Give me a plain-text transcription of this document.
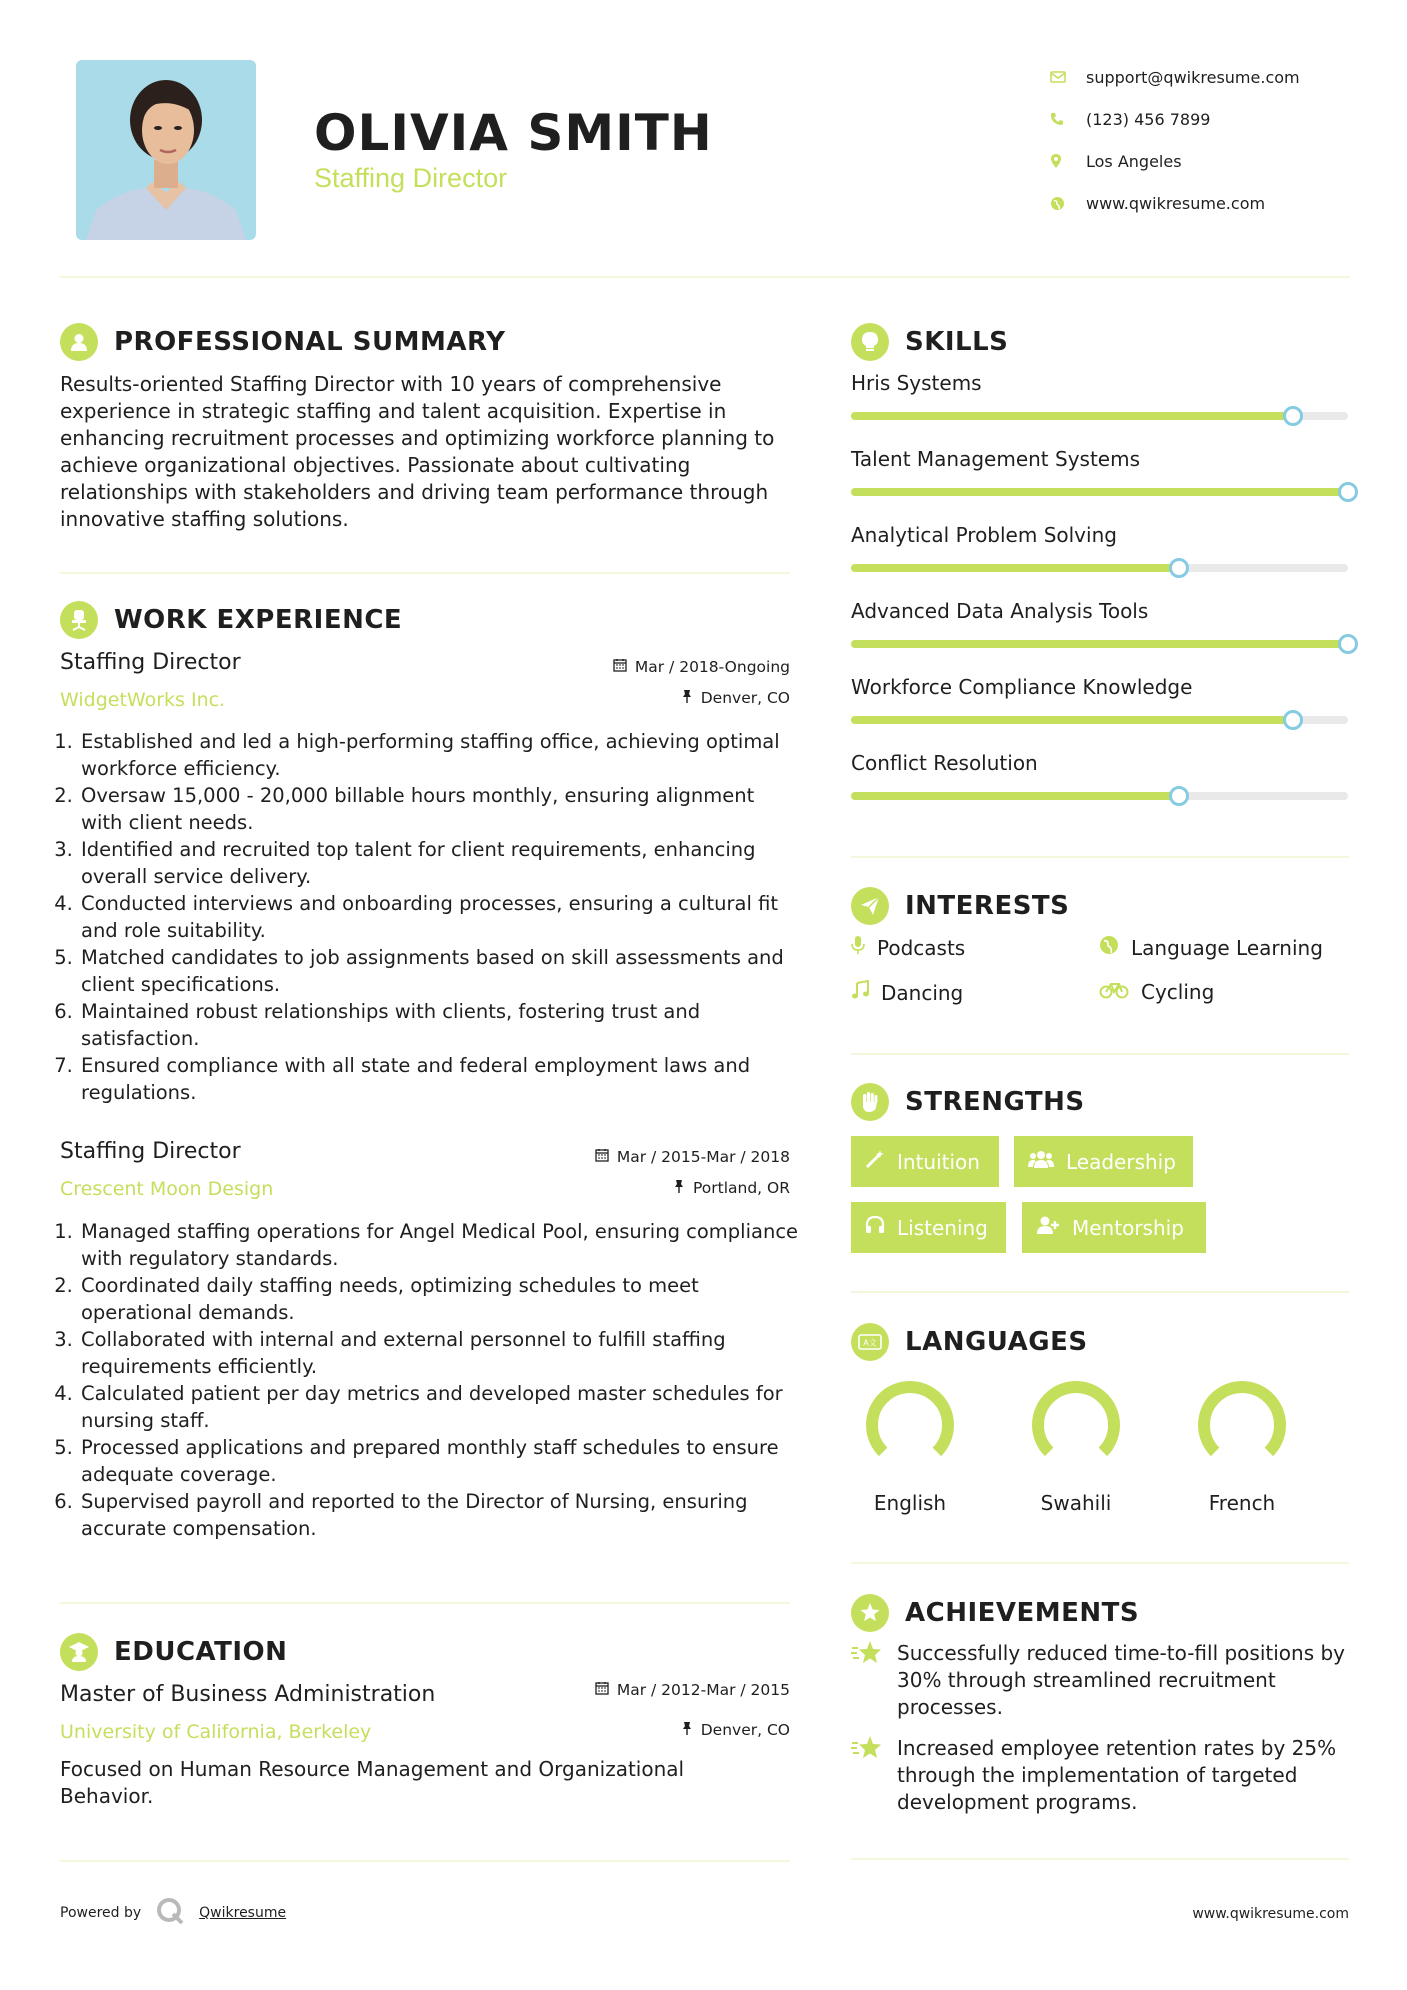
OLIVIA SMITH
Staffing Director
support@qwikresume.com
(123) 456 7899
Los Angeles
www.qwikresume.com
PROFESSIONAL SUMMARY
Results-oriented Staffing Director with 10 years of comprehensive experience in strategic staffing and talent acquisition. Expertise in enhancing recruitment processes and optimizing workforce planning to achieve organizational objectives. Passionate about cultivating relationships with stakeholders and driving team performance through innovative staffing solutions.
WORK EXPERIENCE
Staffing Director
WidgetWorks Inc.
Mar / 2018-Ongoing
Denver, CO
1. Established and led a high-performing staffing office, achieving optimal workforce efficiency.
2. Oversaw 15,000 - 20,000 billable hours monthly, ensuring alignment with client needs.
3. Identified and recruited top talent for client requirements, enhancing overall service delivery.
4. Conducted interviews and onboarding processes, ensuring a cultural fit and role suitability.
5. Matched candidates to job assignments based on skill assessments and client specifications.
6. Maintained robust relationships with clients, fostering trust and satisfaction.
7. Ensured compliance with all state and federal employment laws and regulations.
Staffing Director
Crescent Moon Design
Mar / 2015-Mar / 2018
Portland, OR
1. Managed staffing operations for Angel Medical Pool, ensuring compliance with regulatory standards.
2. Coordinated daily staffing needs, optimizing schedules to meet operational demands.
3. Collaborated with internal and external personnel to fulfill staffing requirements efficiently.
4. Calculated patient per day metrics and developed master schedules for nursing staff.
5. Processed applications and prepared monthly staff schedules to ensure adequate coverage.
6. Supervised payroll and reported to the Director of Nursing, ensuring accurate compensation.
EDUCATION
Master of Business Administration
University of California, Berkeley
Mar / 2012-Mar / 2015
Denver, CO
Focused on Human Resource Management and Organizational Behavior.
SKILLS
Hris Systems
Talent Management Systems
Analytical Problem Solving
Advanced Data Analysis Tools
Workforce Compliance Knowledge
Conflict Resolution
INTERESTS
Podcasts	Language Learning
Dancing	Cycling
STRENGTHS
Intuition	Leadership
Listening	Mentorship
A文 LANGUAGES
English	Swahili	French
ACHIEVEMENTS
Successfully reduced time-to-fill positions by 30% through streamlined recruitment processes.
Increased employee retention rates by 25% through the implementation of targeted development programs.
Powered by	Qwikresume	www.qwikresume.com
